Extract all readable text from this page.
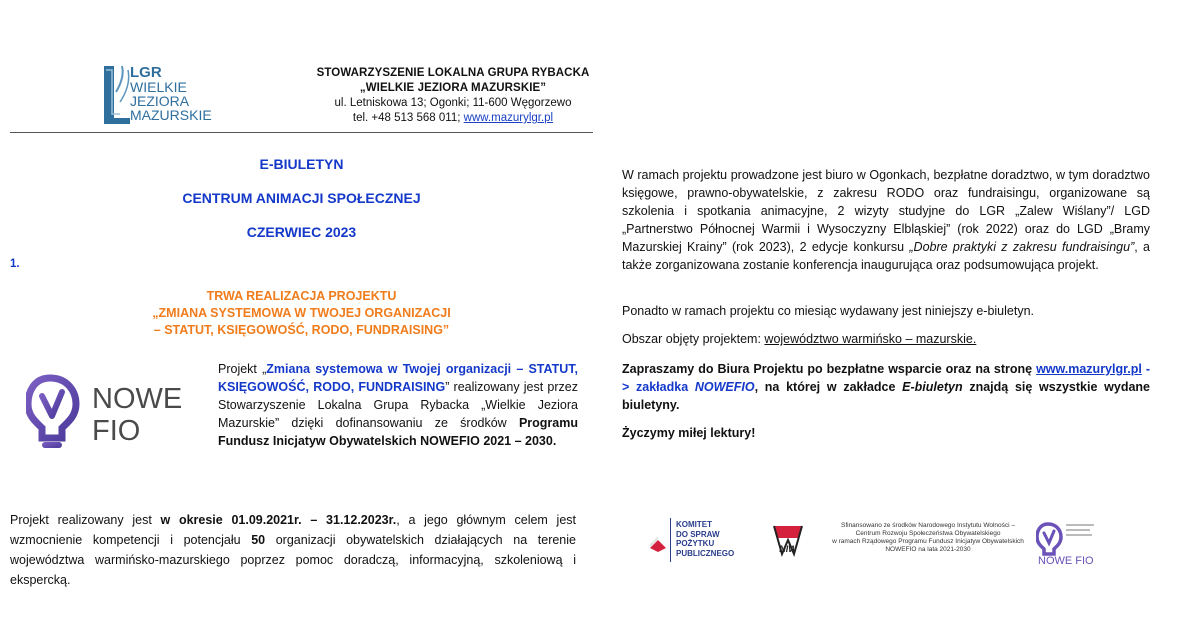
LGR
WIELKIE
JEZIORA
MAZURSKIE
STOWARZYSZENIE LOKALNA GRUPA RYBACKA
„WIELKIE JEZIORA MAZURSKIE”
ul. Letniskowa 13; Ogonki; 11-600 Węgorzewo
tel. +48 513 568 011; www.mazurylgr.pl
E-BIULETYN
CENTRUM ANIMACJI SPOŁECZNEJ
CZERWIEC 2023
1.
TRWA REALIZACJA PROJEKTU
„ZMIANA SYSTEMOWA W TWOJEJ ORGANIZACJI
– STATUT, KSIĘGOWOŚĆ, RODO, FUNDRAISING”
NOWE
FIO
Projekt „Zmiana systemowa w Twojej organizacji – STATUT, KSIĘGOWOŚĆ, RODO, FUNDRAISING” realizowany jest przez Stowarzyszenie Lokalna Grupa Rybacka „Wielkie Jeziora Mazurskie” dzięki dofinansowaniu ze środków Programu Fundusz Inicjatyw Obywatelskich NOWEFIO 2021 – 2030.
Projekt realizowany jest w okresie 01.09.2021r. – 31.12.2023r., a jego głównym celem jest wzmocnienie kompetencji i potencjału 50 organizacji obywatelskich działających na terenie województwa warmińsko-mazurskiego poprzez pomoc doradczą, informacyjną, szkoleniową i ekspercką.
W ramach projektu prowadzone jest biuro w Ogonkach, bezpłatne doradztwo, w tym doradztwo księgowe, prawno-obywatelskie, z zakresu RODO oraz fundraisingu, organizowane są szkolenia i spotkania animacyjne, 2 wizyty studyjne do LGR „Zalew Wiślany”/ LGD „Partnerstwo Północnej Warmii i Wysoczyzny Elbląskiej” (rok 2022) oraz do LGD „Bramy Mazurskiej Krainy” (rok 2023), 2 edycje konkursu „Dobre praktyki z zakresu fundraisingu”, a także zorganizowana zostanie konferencja inaugurująca oraz podsumowująca projekt.
Ponadto w ramach projektu co miesiąc wydawany jest niniejszy e-biuletyn.
Obszar objęty projektem: województwo warmińsko – mazurskie.
Zapraszamy do Biura Projektu po bezpłatne wsparcie oraz na stronę www.mazurylgr.pl -> zakładka NOWEFIO, na której w zakładce E-biuletyn znajdą się wszystkie wydane biuletyny.
Życzymy miłej lektury!
KOMITET
DO SPRAW
POŻYTKU
PUBLICZNEGO	NIW
Sfinansowano ze środków Narodowego Instytutu Wolności –
Centrum Rozwoju Społeczeństwa Obywatelskiego
w ramach Rządowego Programu Fundusz Inicjatyw Obywatelskich
NOWEFIO na lata 2021-2030
NOWE FIO
